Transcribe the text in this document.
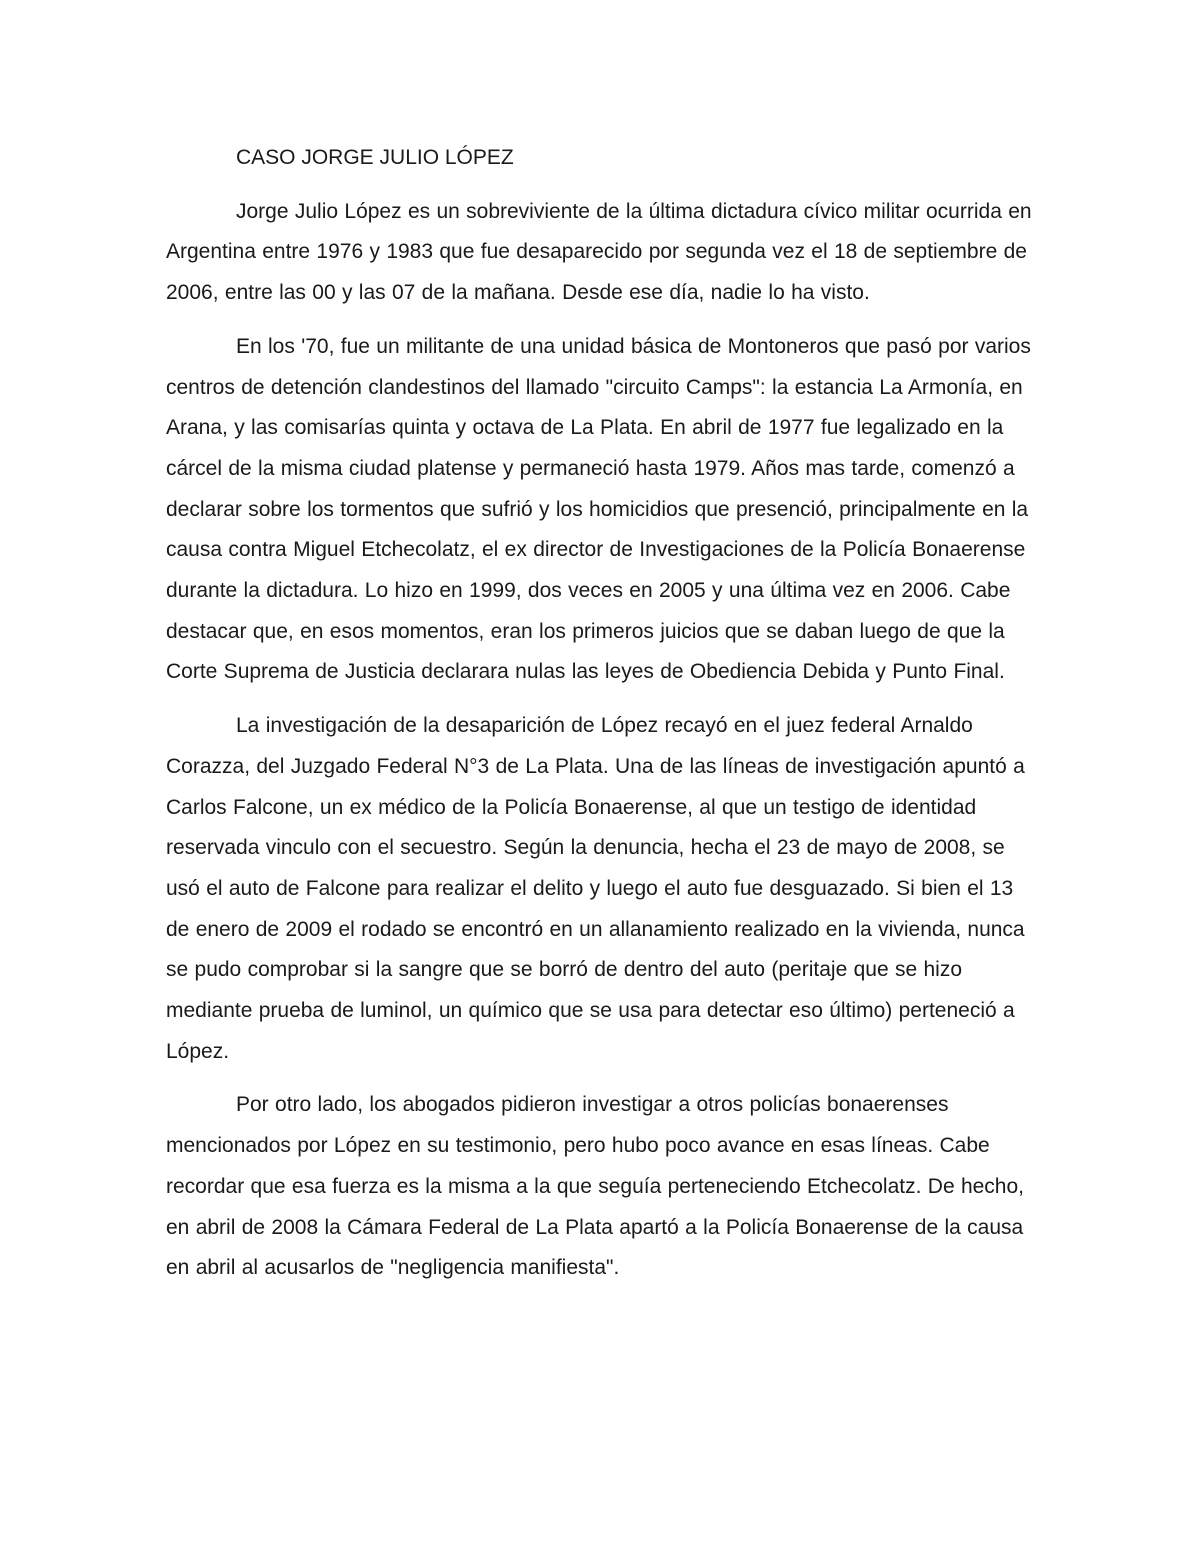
CASO JORGE JULIO LÓPEZ

Jorge Julio López es un sobreviviente de la última dictadura cívico militar ocurrida en Argentina entre 1976 y 1983 que fue desaparecido por segunda vez el 18 de septiembre de 2006, entre las 00 y las 07 de la mañana. Desde ese día, nadie lo ha visto.

En los '70, fue un militante de una unidad básica de Montoneros que pasó por varios centros de detención clandestinos del llamado "circuito Camps": la estancia La Armonía, en Arana, y las comisarías quinta y octava de La Plata. En abril de 1977 fue legalizado en la cárcel de la misma ciudad platense y permaneció hasta 1979. Años mas tarde, comenzó a declarar sobre los tormentos que sufrió y los homicidios que presenció, principalmente en la causa contra Miguel Etchecolatz, el ex director de Investigaciones de la Policía Bonaerense durante la dictadura. Lo hizo en 1999, dos veces en 2005 y una última vez en 2006. Cabe destacar que, en esos momentos, eran los primeros juicios que se daban luego de que la Corte Suprema de Justicia declarara nulas las leyes de Obediencia Debida y Punto Final.

La investigación de la desaparición de López recayó en el juez federal Arnaldo Corazza, del Juzgado Federal N°3 de La Plata. Una de las líneas de investigación apuntó a Carlos Falcone, un ex médico de la Policía Bonaerense, al que un testigo de identidad reservada vinculo con el secuestro. Según la denuncia, hecha el 23 de mayo de 2008, se usó el auto de Falcone para realizar el delito y luego el auto fue desguazado. Si bien el 13 de enero de 2009 el rodado se encontró en un allanamiento realizado en la vivienda, nunca se pudo comprobar si la sangre que se borró de dentro del auto (peritaje que se hizo mediante prueba de luminol, un químico que se usa para detectar eso último) perteneció a López.

Por otro lado, los abogados pidieron investigar a otros policías bonaerenses mencionados por López en su testimonio, pero hubo poco avance en esas líneas. Cabe recordar que esa fuerza es la misma a la que seguía perteneciendo Etchecolatz. De hecho, en abril de 2008 la Cámara Federal de La Plata apartó a la Policía Bonaerense de la causa en abril al acusarlos de "negligencia manifiesta".
